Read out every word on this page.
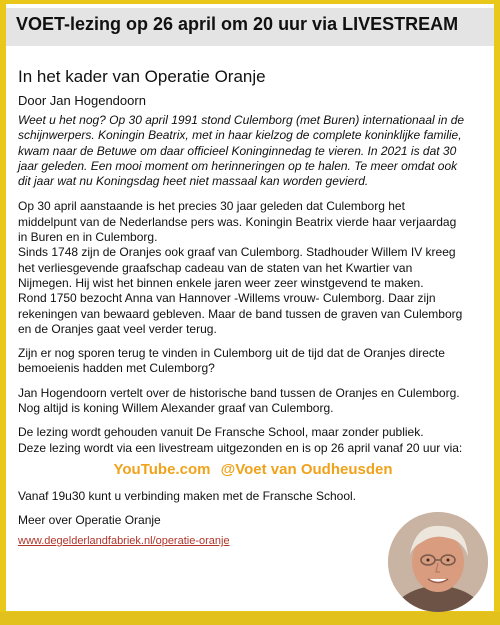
VOET-lezing op 26 april om 20 uur via LIVESTREAM
In het kader van Operatie Oranje
Door Jan Hogendoorn
Weet u het nog? Op 30 april 1991 stond Culemborg (met Buren) internationaal in de
schijnwerpers. Koningin Beatrix, met in haar kielzog de complete koninklijke familie,
kwam naar de Betuwe om daar officieel Koninginnedag te vieren. In 2021 is dat 30
jaar geleden. Een mooi moment om herinneringen op te halen. Te meer omdat ook
dit jaar wat nu Koningsdag heet niet massaal kan worden gevierd.
Op 30 april aanstaande is het precies 30 jaar geleden dat Culemborg het
middelpunt van de Nederlandse pers was. Koningin Beatrix vierde haar verjaardag
in Buren en in Culemborg.
Sinds 1748 zijn de Oranjes ook graaf van Culemborg. Stadhouder Willem IV kreeg
het verliesgevende graafschap cadeau van de staten van het Kwartier van
Nijmegen. Hij wist het binnen enkele jaren weer zeer winstgevend te maken.
Rond 1750 bezocht Anna van Hannover -Willems vrouw- Culemborg. Daar zijn
rekeningen van bewaard gebleven. Maar de band tussen de graven van Culemborg
en de Oranjes gaat veel verder terug.
Zijn er nog sporen terug te vinden in Culemborg uit de tijd dat de Oranjes directe
bemoeienis hadden met Culemborg?
Jan Hogendoorn vertelt over de historische band tussen de Oranjes en Culemborg.
Nog altijd is koning Willem Alexander graaf van Culemborg.
De lezing wordt gehouden vanuit De Fransche School, maar zonder publiek.
Deze lezing wordt via een livestream uitgezonden en is op 26 april vanaf 20 uur via:
YouTube.com @Voet van Oudheusden
Vanaf 19u30 kunt u verbinding maken met de Fransche School.
Meer over Operatie Oranje
www.degelderlandfabriek.nl/operatie-oranje
